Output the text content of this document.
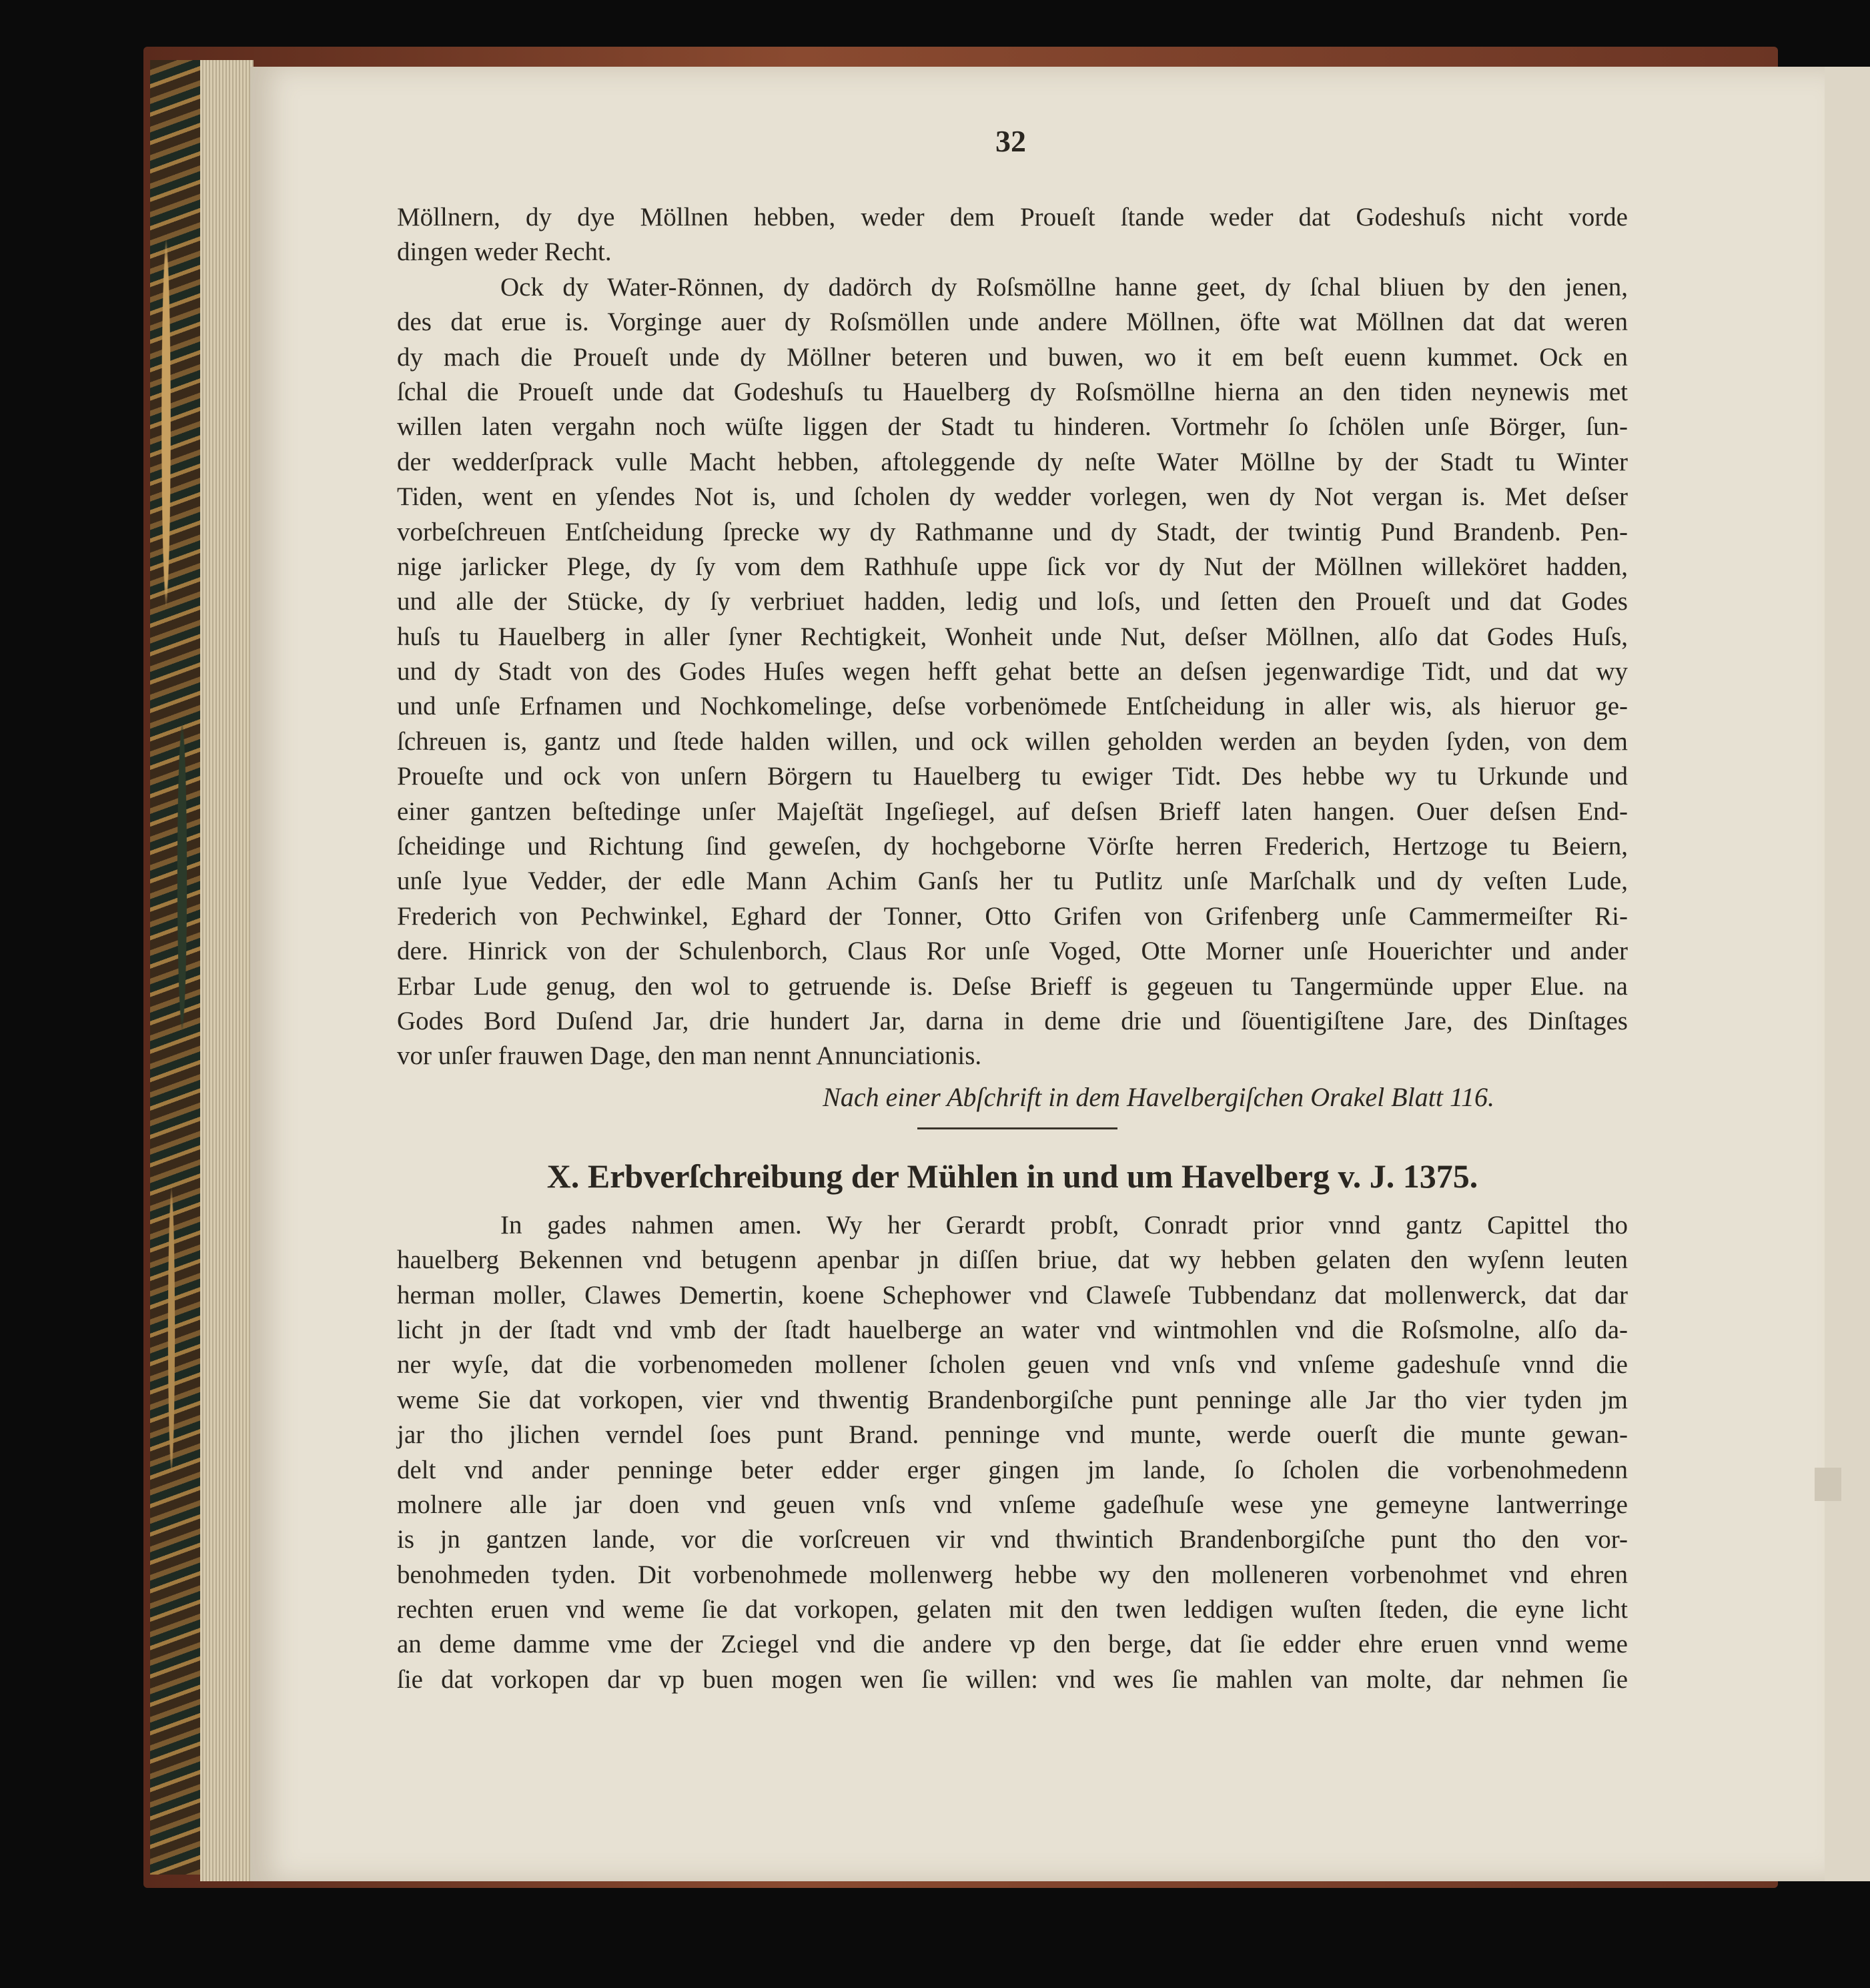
32
Möllnern, dy dye Möllnen hebben, weder dem Proueſt ſtande weder dat Godeshuſs nicht vorde
dingen weder Recht.
Ock dy Water-Rönnen, dy dadörch dy Roſsmöllne hanne geet, dy ſchal bliuen by den jenen,
des dat erue is. Vorginge auer dy Roſsmöllen unde andere Möllnen, öfte wat Möllnen dat dat weren
dy mach die Proueſt unde dy Möllner beteren und buwen, wo it em beſt euenn kummet. Ock en
ſchal die Proueſt unde dat Godeshuſs tu Hauelberg dy Roſsmöllne hierna an den tiden neynewis met
willen laten vergahn noch wüſte liggen der Stadt tu hinderen. Vortmehr ſo ſchölen unſe Börger, ſun-
der wedderſprack vulle Macht hebben, aftoleggende dy neſte Water Möllne by der Stadt tu Winter
Tiden, went en yſendes Not is, und ſcholen dy wedder vorlegen, wen dy Not vergan is. Met deſser
vorbeſchreuen Entſcheidung ſprecke wy dy Rathmanne und dy Stadt, der twintig Pund Brandenb. Pen-
nige jarlicker Plege, dy ſy vom dem Rathhuſe uppe ſick vor dy Nut der Möllnen willeköret hadden,
und alle der Stücke, dy ſy verbriuet hadden, ledig und loſs, und ſetten den Proueſt und dat Godes
huſs tu Hauelberg in aller ſyner Rechtigkeit, Wonheit unde Nut, deſser Möllnen, alſo dat Godes Huſs,
und dy Stadt von des Godes Huſes wegen hefft gehat bette an deſsen jegenwardige Tidt, und dat wy
und unſe Erfnamen und Nochkomelinge, deſse vorbenömede Entſcheidung in aller wis, als hieruor ge-
ſchreuen is, gantz und ſtede halden willen, und ock willen geholden werden an beyden ſyden, von dem
Proueſte und ock von unſern Börgern tu Hauelberg tu ewiger Tidt. Des hebbe wy tu Urkunde und
einer gantzen beſtedinge unſer Majeſtät Ingeſiegel, auf deſsen Brieff laten hangen. Ouer deſsen End-
ſcheidinge und Richtung ſind geweſen, dy hochgeborne Vörſte herren Frederich, Hertzoge tu Beiern,
unſe lyue Vedder, der edle Mann Achim Ganſs her tu Putlitz unſe Marſchalk und dy veſten Lude,
Frederich von Pechwinkel, Eghard der Tonner, Otto Grifen von Grifenberg unſe Cammermeiſter Ri-
dere. Hinrick von der Schulenborch, Claus Ror unſe Voged, Otte Morner unſe Houerichter und ander
Erbar Lude genug, den wol to getruende is. Deſse Brieff is gegeuen tu Tangermünde upper Elue. na
Godes Bord Duſend Jar, drie hundert Jar, darna in deme drie und ſöuentigiſtene Jare, des Dinſtages
vor unſer frauwen Dage, den man nennt Annunciationis.
Nach einer Abſchrift in dem Havelbergiſchen Orakel Blatt 116.
X. Erbverſchreibung der Mühlen in und um Havelberg v. J. 1375.
In gades nahmen amen. Wy her Gerardt probſt, Conradt prior vnnd gantz Capittel tho
hauelberg Bekennen vnd betugenn apenbar jn diſſen briue, dat wy hebben gelaten den wyſenn leuten
herman moller, Clawes Demertin, koene Schephower vnd Claweſe Tubbendanz dat mollenwerck, dat dar
licht jn der ſtadt vnd vmb der ſtadt hauelberge an water vnd wintmohlen vnd die Roſsmolne, alſo da-
ner wyſe, dat die vorbenomeden mollener ſcholen geuen vnd vnſs vnd vnſeme gadeshuſe vnnd die
weme Sie dat vorkopen, vier vnd thwentig Brandenborgiſche punt penninge alle Jar tho vier tyden jm
jar tho jlichen verndel ſoes punt Brand. penninge vnd munte, werde ouerſt die munte gewan-
delt vnd ander penninge beter edder erger gingen jm lande, ſo ſcholen die vorbenohmedenn
molnere alle jar doen vnd geuen vnſs vnd vnſeme gadeſhuſe wese yne gemeyne lantwerringe
is jn gantzen lande, vor die vorſcreuen vir vnd thwintich Brandenborgiſche punt tho den vor-
benohmeden tyden. Dit vorbenohmede mollenwerg hebbe wy den molleneren vorbenohmet vnd ehren
rechten eruen vnd weme ſie dat vorkopen, gelaten mit den twen leddigen wuſten ſteden, die eyne licht
an deme damme vme der Zciegel vnd die andere vp den berge, dat ſie edder ehre eruen vnnd weme
ſie dat vorkopen dar vp buen mogen wen ſie willen: vnd wes ſie mahlen van molte, dar nehmen ſie
